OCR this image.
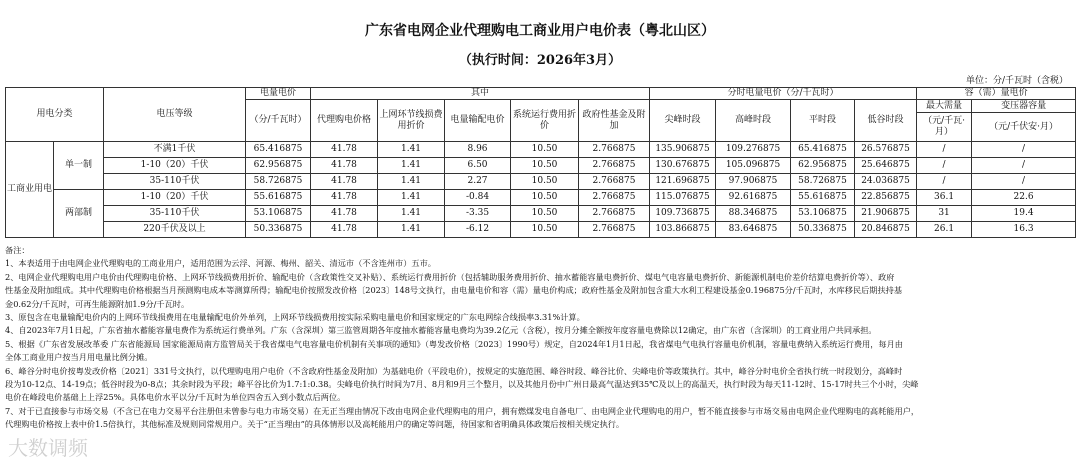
广东省电网企业代理购电工商业用户电价表（粤北山区）
（执行时间：2026年3月）
单位：分/千瓦时（含税）
用电分类		电压等级	电量电价	其中					分时电量电价（分/千瓦时）				容（需）量电价	
			（分/千瓦时）	代理购电价格	上网环节线损费用折价	电量输配电价	系统运行费用折价	政府性基金及附加	尖峰时段	高峰时段	平时段	低谷时段	最大需量	变压器容量
													（元/千瓦·月）	（元/千伏安·月）
工商业用电	单一制	不满1千伏	65.416875	41.78	1.41	8.96	10.50	2.766875	135.906875	109.276875	65.416875	26.576875	/	/
		1-10（20）千伏	62.956875	41.78	1.41	6.50	10.50	2.766875	130.676875	105.096875	62.956875	25.646875	/	/
		35-110千伏	58.726875	41.78	1.41	2.27	10.50	2.766875	121.696875	97.906875	58.726875	24.036875	/	/
	两部制	1-10（20）千伏	55.616875	41.78	1.41	-0.84	10.50	2.766875	115.076875	92.616875	55.616875	22.856875	36.1	22.6
		35-110千伏	53.106875	41.78	1.41	-3.35	10.50	2.766875	109.736875	88.346875	53.106875	21.906875	31	19.4
		220千伏及以上	50.336875	41.78	1.41	-6.12	10.50	2.766875	103.866875	83.646875	50.336875	20.846875	26.1	16.3
备注：
1、本表适用于由电网企业代理购电的工商业用户，适用范围为云浮、河源、梅州、韶关、清远市（不含连州市）五市。
2、电网企业代理购电用户电价由代理购电价格、上网环节线损费用折价、输配电价（含政策性交叉补贴）、系统运行费用折价（包括辅助服务费用折价、抽水蓄能容量电费折价、煤电气电容量电费折价、新能源机制电价差价结算电费折价等）、政府
性基金及附加组成。其中代理购电价格根据当月预测购电成本等测算所得；输配电价按照发改价格〔2023〕148号文执行，由电量电价和容（需）量电价构成；政府性基金及附加包含重大水利工程建设基金0.196875分/千瓦时，水库移民后期扶持基
金0.62分/千瓦时，可再生能源附加1.9分/千瓦时。
3、原包含在电量输配电价内的上网环节线损费用在电量输配电价外单列，上网环节线损费用按实际采购电量电价和国家规定的广东电网综合线损率3.31%计算。
4、自2023年7月1日起，广东省抽水蓄能容量电费作为系统运行费单列。广东（含深圳）第三监管周期各年度抽水蓄能容量电费均为39.2亿元（含税），按月分摊全额按年度容量电费除以12确定，由广东省（含深圳）的工商业用户共同承担。
5、根据《广东省发展改革委 广东省能源局 国家能源局南方监管局关于我省煤电气电容量电价机制有关事项的通知》（粤发改价格〔2023〕1990号）规定，自2024年1月1日起，我省煤电气电执行容量电价机制，容量电费纳入系统运行费用，每月由
全体工商业用户按当月用电量比例分摊。
6、峰谷分时电价按粤发改价格〔2021〕331号文执行，以代理购电用户电价（不含政府性基金及附加）为基础电价（平段电价），按规定的实施范围、峰谷时段、峰谷比价、尖峰电价等政策执行。其中，峰谷分时电价全省执行统一时段划分，高峰时
段为10-12点、14-19点；低谷时段为0-8点；其余时段为平段；峰平谷比价为1.7:1:0.38。尖峰电价执行时间为7月、8月和9月三个整月，以及其他月份中广州日最高气温达到35℃及以上的高温天，执行时段为每天11-12时、15-17时共三个小时，尖峰
电价在峰段电价基础上上浮25%。具体电价水平以分/千瓦时为单位四舍五入到小数点后两位。
7、对于已直接参与市场交易（不含已在电力交易平台注册但未曾参与电力市场交易）在无正当理由情况下改由电网企业代理购电的用户，拥有燃煤发电自备电厂、由电网企业代理购电的用户，暂不能直接参与市场交易由电网企业代理购电的高耗能用户，
代理购电价格按上表中价1.5倍执行，其他标准及规则同常规用户。关于“正当理由”的具体情形以及高耗能用户的确定等问题，待国家和省明确具体政策后按相关规定执行。
大数调频
